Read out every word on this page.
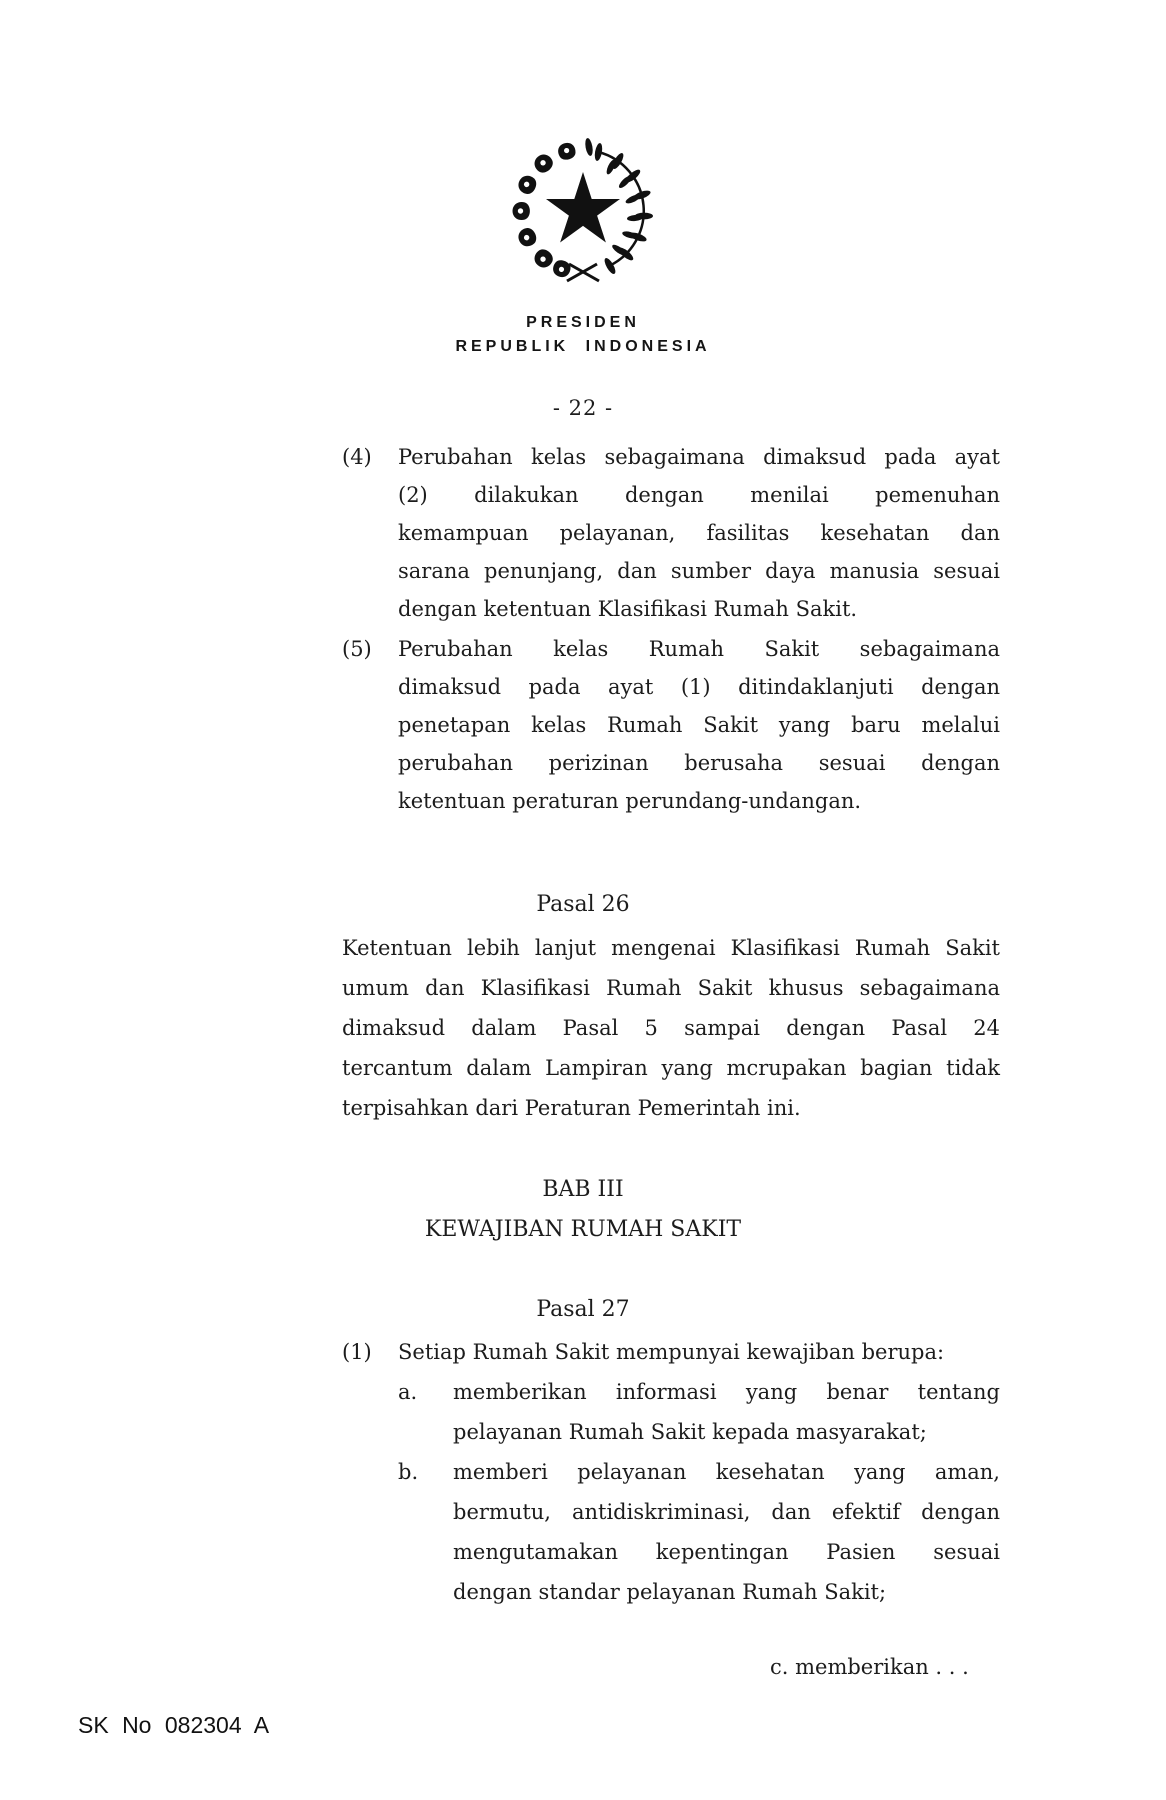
PRESIDEN
REPUBLIK INDONESIA
- 22 -
(4)	Perubahan kelas sebagaimana dimaksud pada ayat
(2) dilakukan dengan menilai pemenuhan
kemampuan pelayanan, fasilitas kesehatan dan
sarana penunjang, dan sumber daya manusia sesuai
dengan ketentuan Klasifikasi Rumah Sakit.
(5)	Perubahan kelas Rumah Sakit sebagaimana
dimaksud pada ayat (1) ditindaklanjuti dengan
penetapan kelas Rumah Sakit yang baru melalui
perubahan perizinan berusaha sesuai dengan
ketentuan peraturan perundang-undangan.
Pasal 26
Ketentuan lebih lanjut mengenai Klasifikasi Rumah Sakit
umum dan Klasifikasi Rumah Sakit khusus sebagaimana
dimaksud dalam Pasal 5 sampai dengan Pasal 24
tercantum dalam Lampiran yang mcrupakan bagian tidak
terpisahkan dari Peraturan Pemerintah ini.
BAB III
KEWAJIBAN RUMAH SAKIT
Pasal 27
(1)	Setiap Rumah Sakit mempunyai kewajiban berupa:
a.	memberikan informasi yang benar tentang
pelayanan Rumah Sakit kepada masyarakat;
b.	memberi pelayanan kesehatan yang aman,
bermutu, antidiskriminasi, dan efektif dengan
mengutamakan kepentingan Pasien sesuai
dengan standar pelayanan Rumah Sakit;
c. memberikan . . .
SK No 082304 A
